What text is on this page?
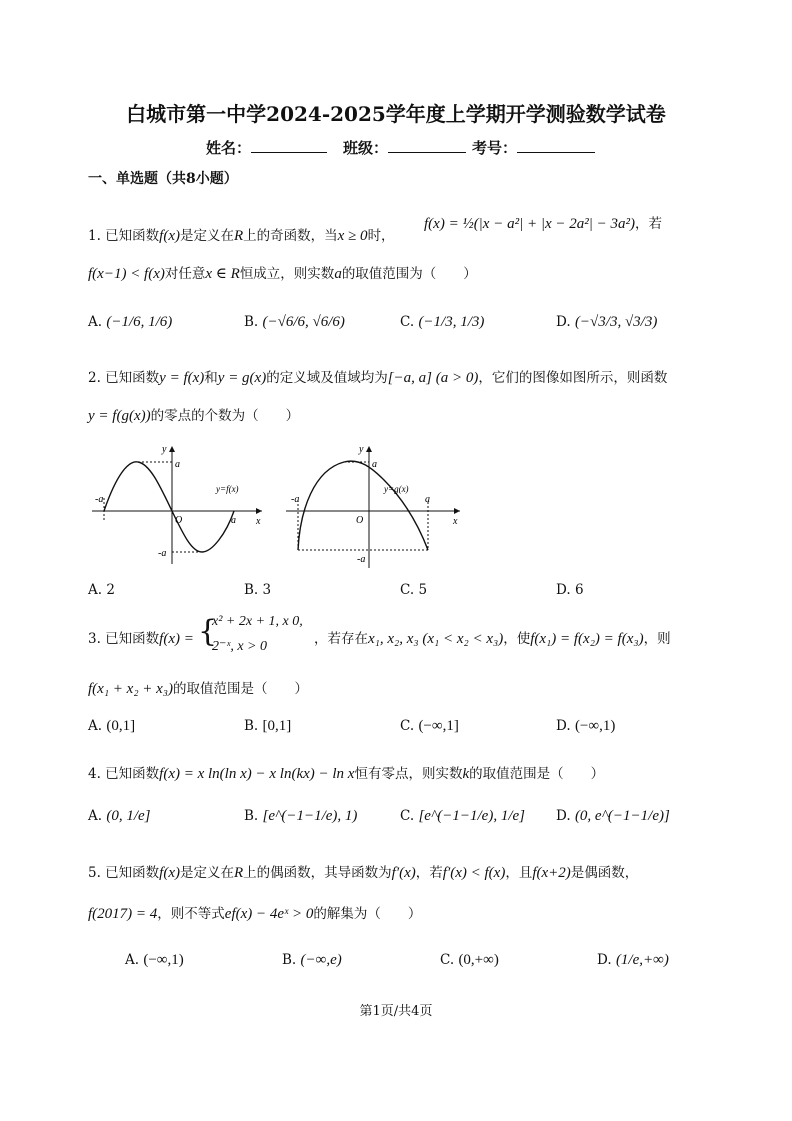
白城市第一中学2024-2025学年度上学期开学测验数学试卷
姓名：	班级：	考号：
一、单选题（共8小题）
1. 已知函数f(x)是定义在R上的奇函数，当x ≥ 0时，
f(x) = ½(|x − a²| + |x − 2a²| − 3a²)，若
f(x−1) < f(x)对任意x ∈ R恒成立，则实数a的取值范围为（　　）
A. (−1/6, 1/6)	B. (−√6/6, √6/6)	C. (−1/3, 1/3)	D. (−√3/3, √3/3)
2. 已知函数y = f(x)和y = g(x)的定义域及值域均为[−a, a] (a > 0)，它们的图像如图所示，则函数
y = f(g(x))的零点的个数为（　　）
y
x
O
a
-a
-a
a
y=f(x)
y
x
O
a
-a
-a	a
y=g(x)
A. 2	B. 3	C. 5	D. 6
3. 已知函数f(x) = {
x² + 2x + 1, x 0,
2⁻ˣ, x > 0	，若存在x₁, x₂, x₃ (x₁ < x₂ < x₃)，使f(x₁) = f(x₂) = f(x₃)，则
f(x₁ + x₂ + x₃)的取值范围是（　　）
A. (0,1]	B. [0,1]	C. (−∞,1]	D. (−∞,1)
4. 已知函数f(x) = x ln(ln x) − x ln(kx) − ln x恒有零点，则实数k的取值范围是（　　）
A. (0, 1/e]	B. [e^(−1−1/e), 1)	C. [e^(−1−1/e), 1/e] D. (0, e^(−1−1/e)]
5. 已知函数f(x)是定义在R上的偶函数，其导函数为f′(x)，若f′(x) < f(x)，且f(x+2)是偶函数，
f(2017) = 4，则不等式ef(x) − 4eˣ > 0的解集为（　　）
A. (−∞,1)	B. (−∞,e)	C. (0,+∞)	D. (1/e,+∞)
第1页/共4页
